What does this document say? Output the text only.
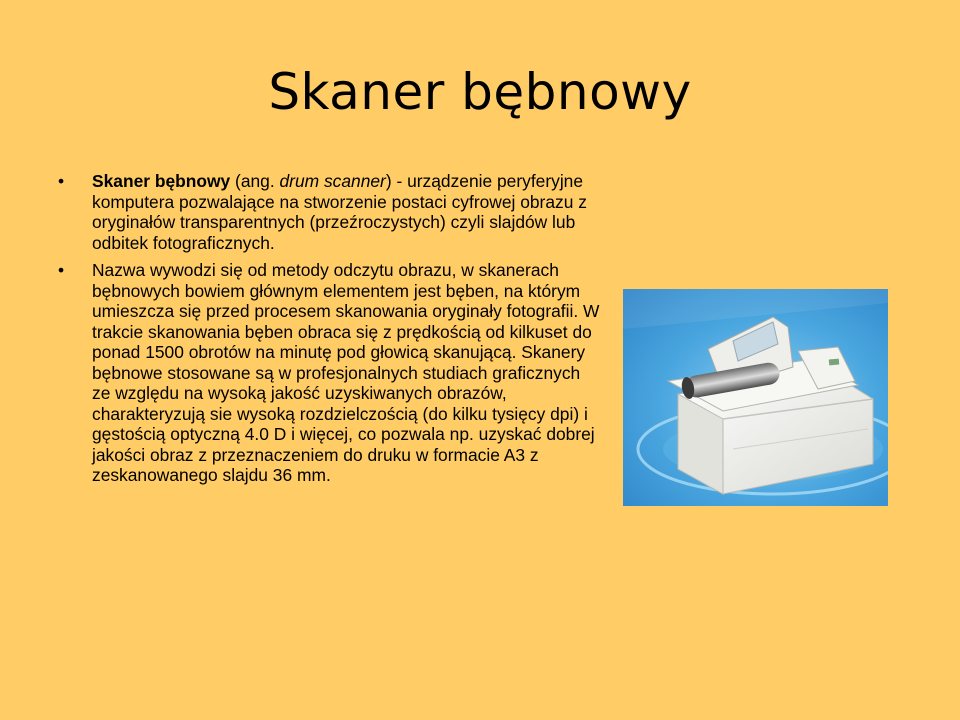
Skaner bębnowy
•	Skaner bębnowy (ang. drum scanner) - urządzenie peryferyjne komputera pozwalające na stworzenie postaci cyfrowej obrazu z oryginałów transparentnych (przeźroczystych) czyli slajdów lub odbitek fotograficznych.
•	Nazwa wywodzi się od metody odczytu obrazu, w skanerach bębnowych bowiem głównym elementem jest bęben, na którym umieszcza się przed procesem skanowania oryginały fotografii. W trakcie skanowania bęben obraca się z prędkością od kilkuset do ponad 1500 obrotów na minutę pod głowicą skanującą. Skanery bębnowe stosowane są w profesjonalnych studiach graficznych ze względu na wysoką jakość uzyskiwanych obrazów, charakteryzują sie wysoką rozdzielczością (do kilku tysięcy dpi) i gęstością optyczną 4.0 D i więcej, co pozwala np. uzyskać dobrej jakości obraz z przeznaczeniem do druku w formacie A3 z zeskanowanego slajdu 36 mm.
